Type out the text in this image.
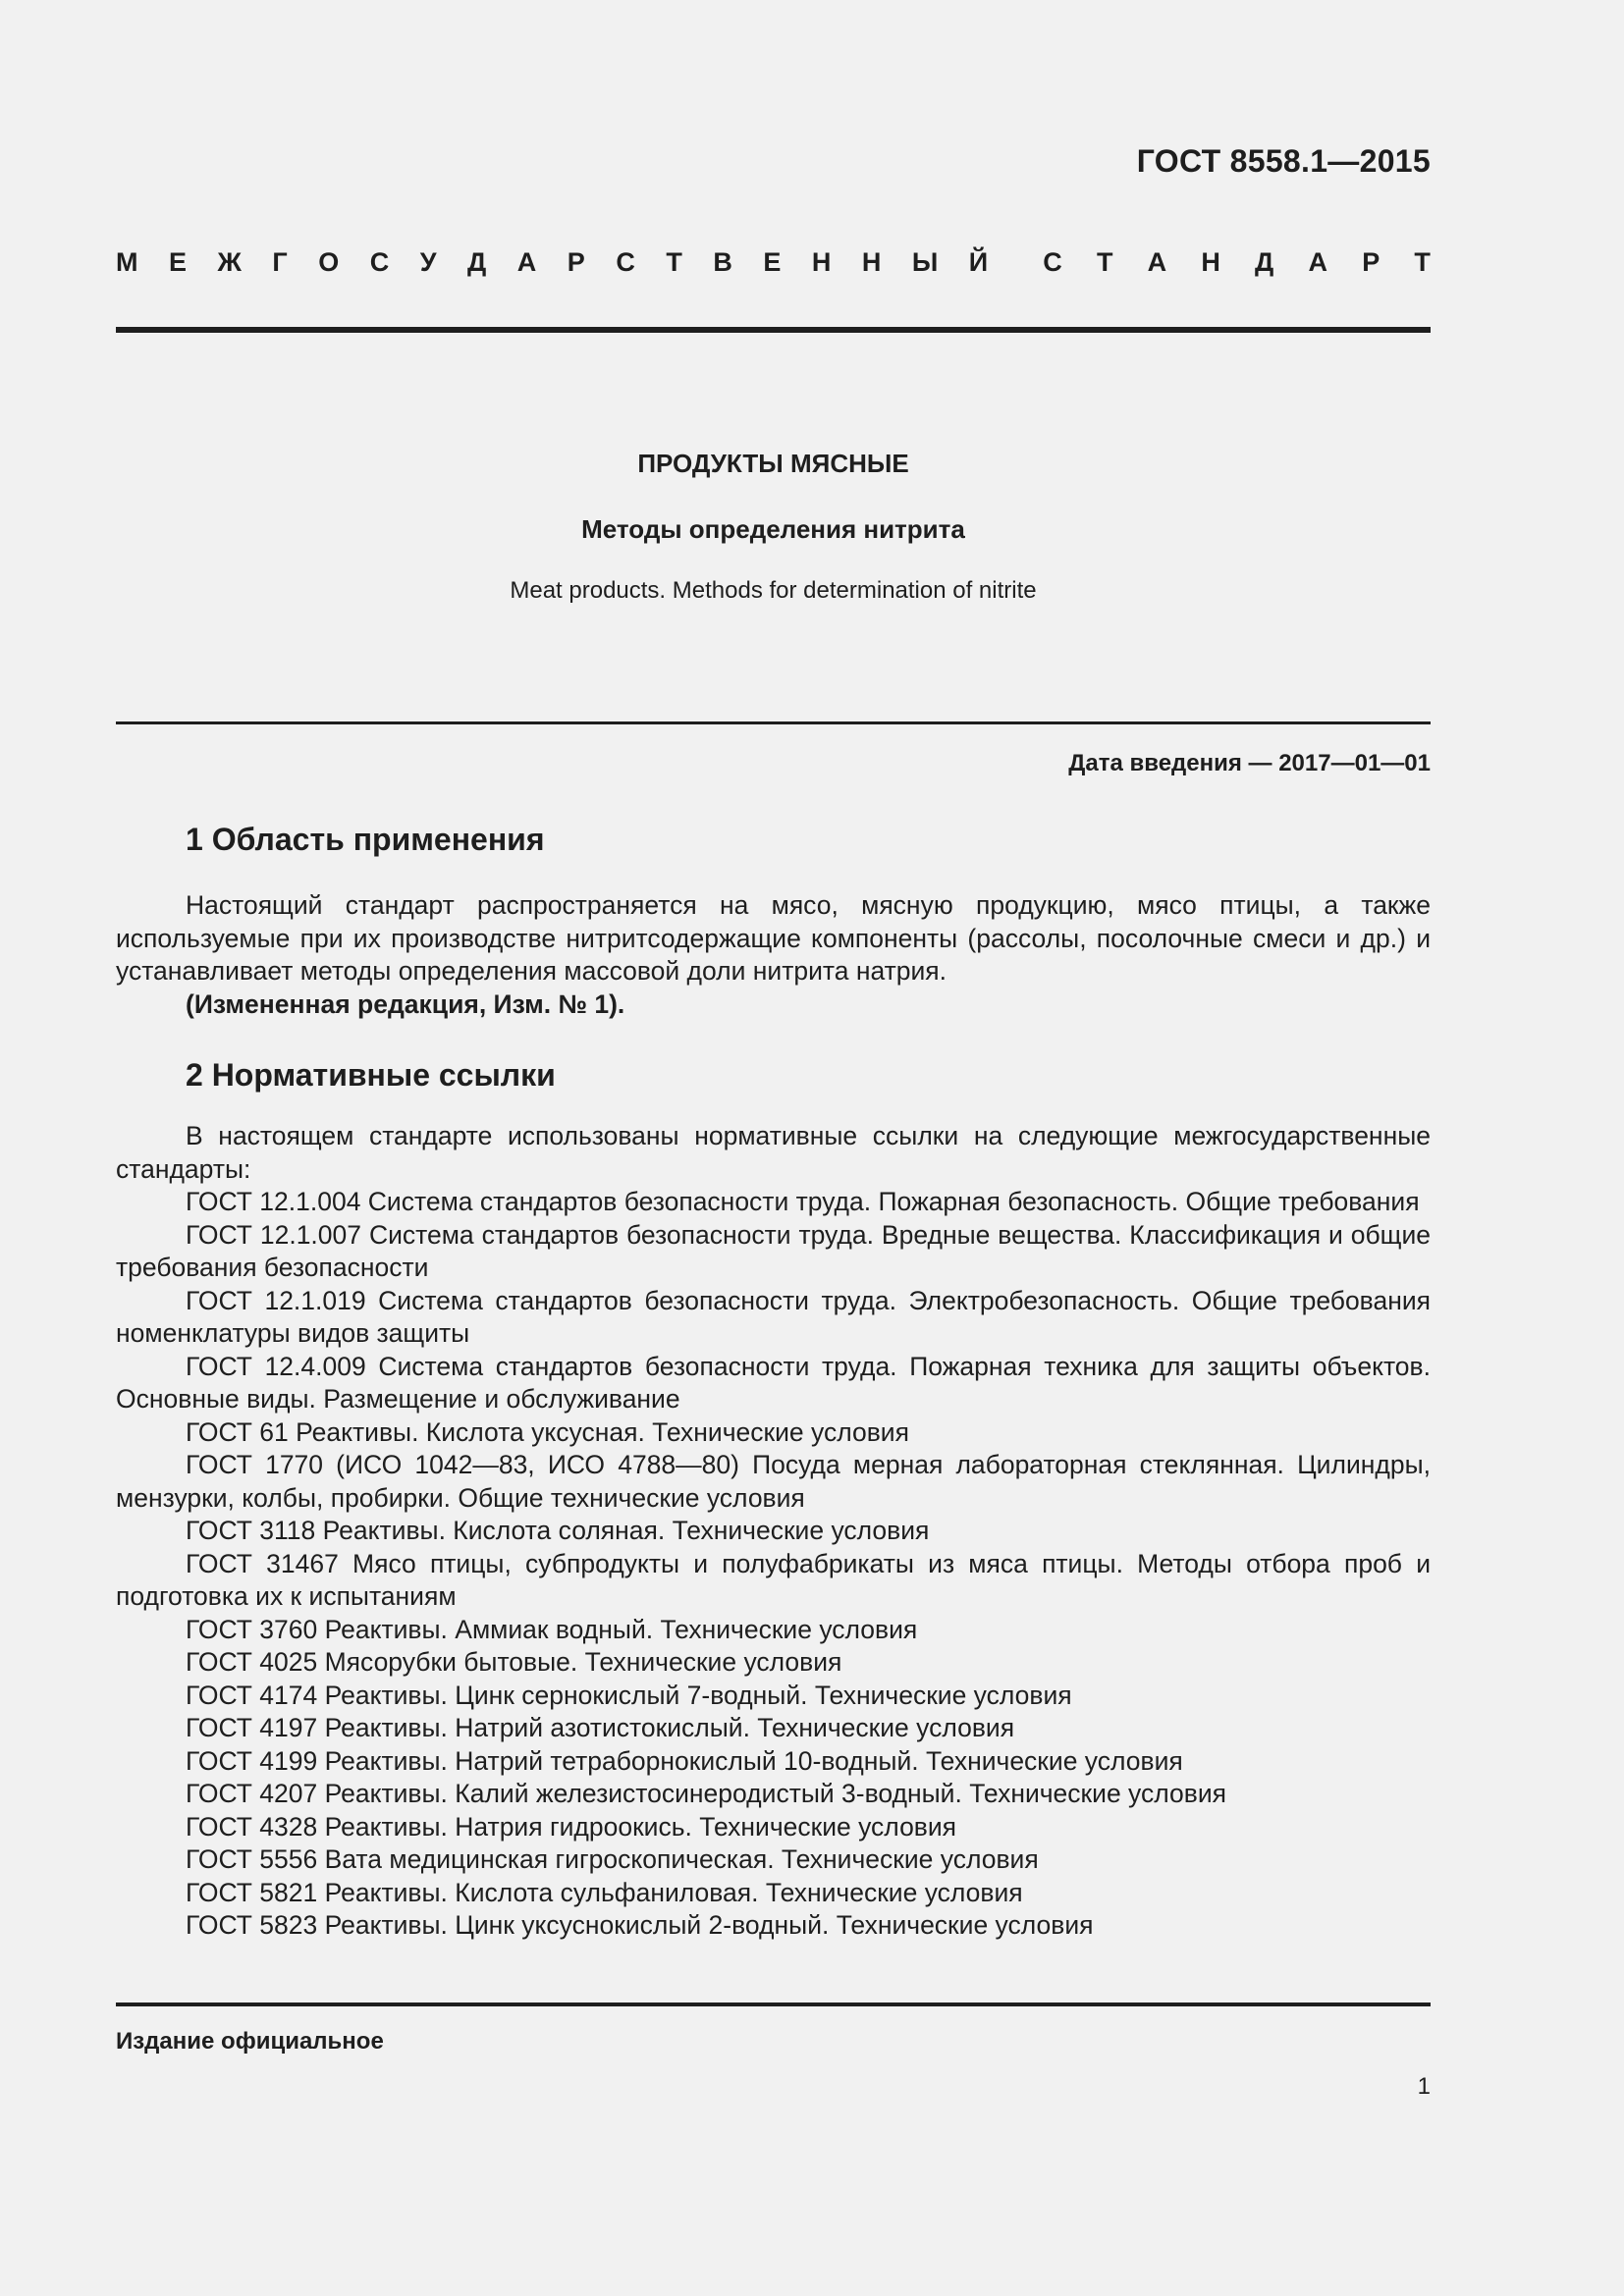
ГОСТ 8558.1—2015
М Е Ж Г О С У Д А Р С Т В Е Н Н Ы Й С Т А Н Д А Р Т
ПРОДУКТЫ МЯСНЫЕ
Методы определения нитрита
Meat products. Methods for determination of nitrite
Дата введения — 2017—01—01
1 Область применения

Настоящий стандарт распространяется на мясо, мясную продукцию, мясо птицы, а также используемые при их производстве нитритсодержащие компоненты (рассолы, посолочные смеси и др.) и устанавливает методы определения массовой доли нитрита натрия.

(Измененная редакция, Изм. № 1).

2 Нормативные ссылки

В настоящем стандарте использованы нормативные ссылки на следующие межгосударственные стандарты:

ГОСТ 12.1.004 Система стандартов безопасности труда. Пожарная безопасность. Общие требования

ГОСТ 12.1.007 Система стандартов безопасности труда. Вредные вещества. Классификация и общие требования безопасности

ГОСТ 12.1.019 Система стандартов безопасности труда. Электробезопасность. Общие требования номенклатуры видов защиты

ГОСТ 12.4.009 Система стандартов безопасности труда. Пожарная техника для защиты объектов. Основные виды. Размещение и обслуживание

ГОСТ 61 Реактивы. Кислота уксусная. Технические условия

ГОСТ 1770 (ИСО 1042—83, ИСО 4788—80) Посуда мерная лабораторная стеклянная. Цилиндры, мензурки, колбы, пробирки. Общие технические условия

ГОСТ 3118 Реактивы. Кислота соляная. Технические условия

ГОСТ 31467 Мясо птицы, субпродукты и полуфабрикаты из мяса птицы. Методы отбора проб и подготовка их к испытаниям

ГОСТ 3760 Реактивы. Аммиак водный. Технические условия

ГОСТ 4025 Мясорубки бытовые. Технические условия

ГОСТ 4174 Реактивы. Цинк сернокислый 7-водный. Технические условия

ГОСТ 4197 Реактивы. Натрий азотистокислый. Технические условия

ГОСТ 4199 Реактивы. Натрий тетраборнокислый 10-водный. Технические условия

ГОСТ 4207 Реактивы. Калий железистосинеродистый 3-водный. Технические условия

ГОСТ 4328 Реактивы. Натрия гидроокись. Технические условия

ГОСТ 5556 Вата медицинская гигроскопическая. Технические условия

ГОСТ 5821 Реактивы. Кислота сульфаниловая. Технические условия

ГОСТ 5823 Реактивы. Цинк уксуснокислый 2-водный. Технические условия

Издание официальное
1
